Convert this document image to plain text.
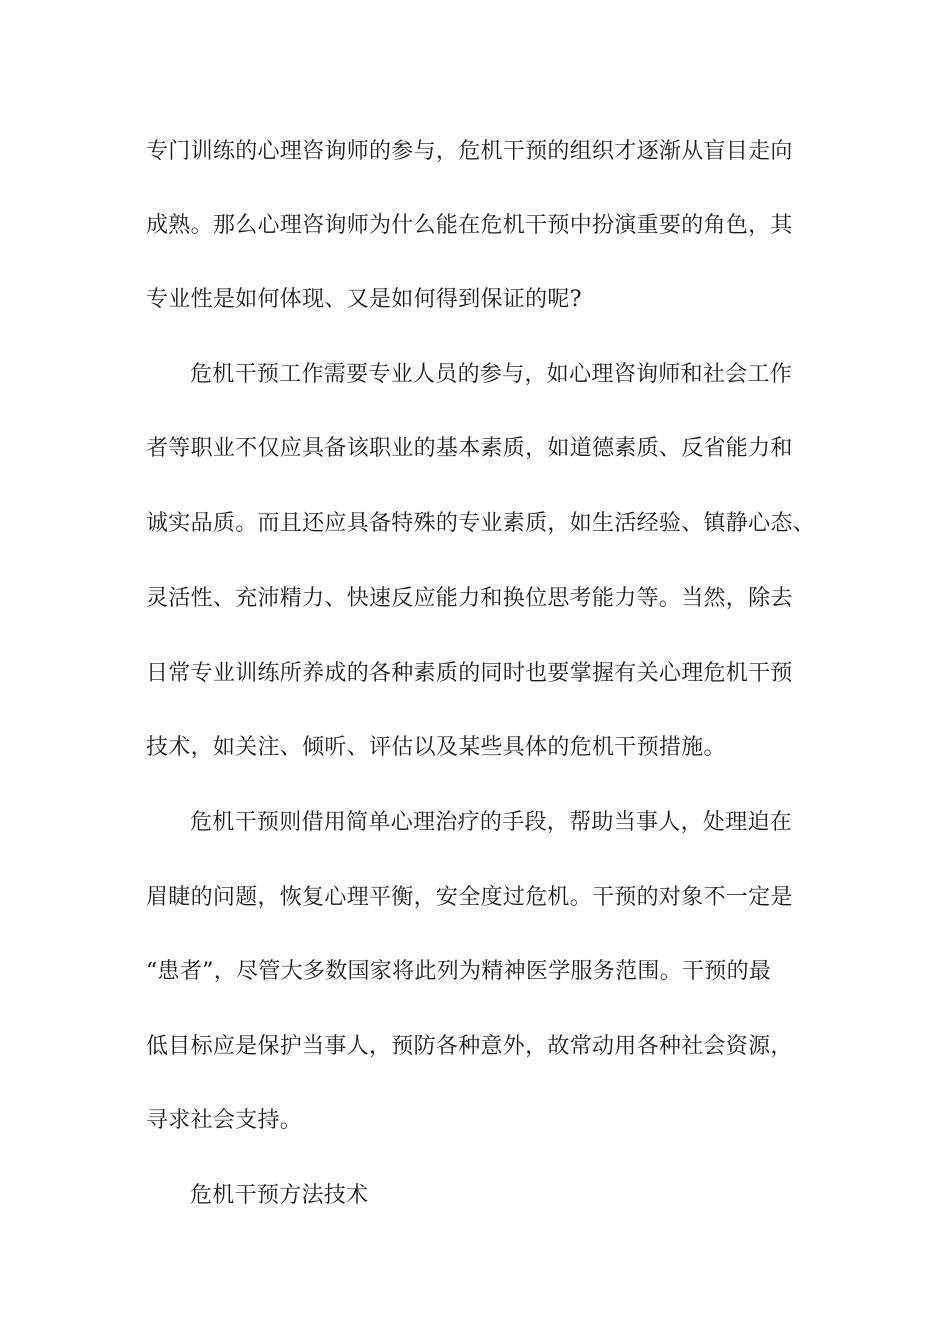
专门训练的心理咨询师的参与，危机干预的组织才逐渐从盲目走向
成熟。那么心理咨询师为什么能在危机干预中扮演重要的角色，其
专业性是如何体现、又是如何得到保证的呢?
危机干预工作需要专业人员的参与，如心理咨询师和社会工作
者等职业不仅应具备该职业的基本素质，如道德素质、反省能力和
诚实品质。而且还应具备特殊的专业素质，如生活经验、镇静心态、
灵活性、充沛精力、快速反应能力和换位思考能力等。当然，除去
日常专业训练所养成的各种素质的同时也要掌握有关心理危机干预
技术，如关注、倾听、评估以及某些具体的危机干预措施。
危机干预则借用简单心理治疗的手段，帮助当事人，处理迫在
眉睫的问题，恢复心理平衡，安全度过危机。干预的对象不一定是
“患者”，尽管大多数国家将此列为精神医学服务范围。干预的最
低目标应是保护当事人，预防各种意外，故常动用各种社会资源，
寻求社会支持。
危机干预方法技术
